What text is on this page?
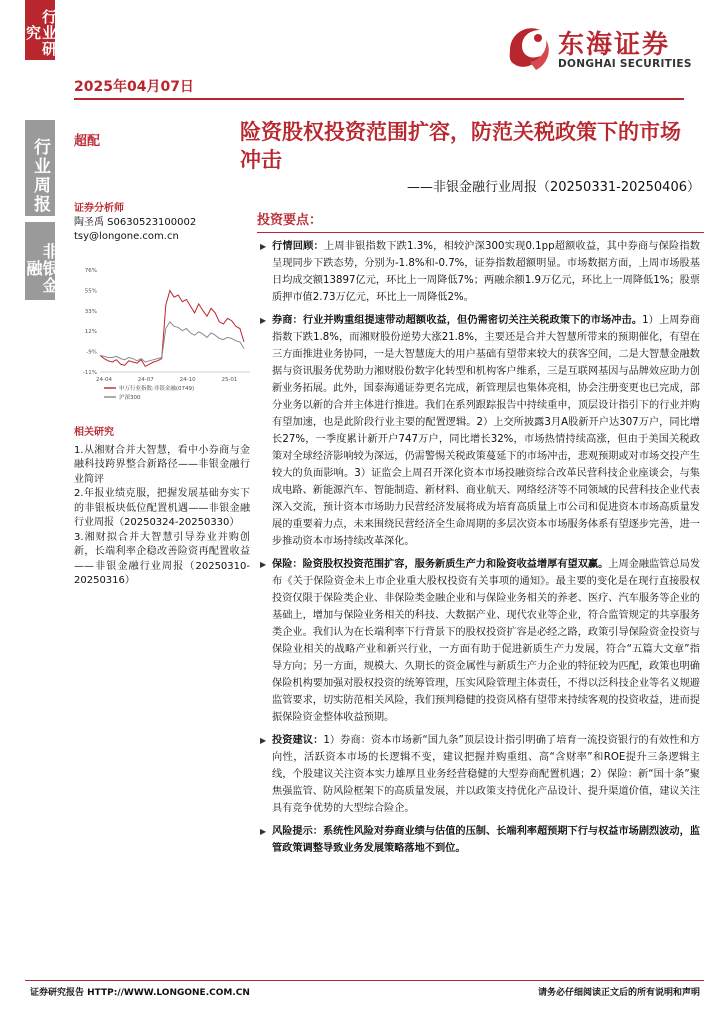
行业研究
行业周报
非银金融
2025年04月07日
东海证券
DONGHAI SECURITIES
超配	险资股权投资范围扩容，防范关税政策下的市场冲击
——非银金融行业周报（20250331-20250406）
证券分析师
陶圣禹 S0630523100002
tsy@longone.com.cn
76%
55%
33%
12%
-9%
-11%
24-04	24-07	24-10	25-01
申万行业指数:非银金融(0749)
沪深300
相关研究

1.从湘财合并大智慧，看中小券商与金融科技跨界整合新路径——非银金融行业简评

2.年报业绩克服，把握发展基础夯实下的非银板块低位配置机遇——非银金融行业周报（20250324-20250330）

3.湘财拟合并大智慧引导券业并购创新，长端利率企稳改善险资再配置收益——非银金融行业周报（20250310-20250316）

投资要点：
▶ 行情回顾：上周非银指数下跌1.3%，相较沪深300实现0.1pp超额收益，其中券商与保险指数呈现同步下跌态势，分别为-1.8%和-0.7%，证券指数超额明显。市场数据方面，上周市场股基日均成交额13897亿元，环比上一周降低7%；两融余额1.9万亿元，环比上一周降低1%；股票质押市值2.73万亿元，环比上一周降低2%。
▶ 券商：行业并购重组提速带动超额收益，但仍需密切关注关税政策下的市场冲击。1）上周券商指数下跌1.8%，而湘财股份逆势大涨21.8%，主要还是合并大智慧所带来的预期催化，有望在三方面推进业务协同，一是大智慧庞大的用户基础有望带来较大的获客空间，二是大智慧金融数据与资讯服务优势助力湘财股份数字化转型和机构客户维系，三是互联网基因与品牌效应助力创新业务拓展。此外，国泰海通证券更名完成，新管理层也集体亮相，协会注册变更也已完成，部分业务以新的合并主体进行推进。我们在系列跟踪报告中持续重申，顶层设计指引下的行业并购有望加速，也是此阶段行业主要的配置逻辑。2）上交所披露3月A股新开户达307万户，同比增长27%，一季度累计新开户747万户，同比增长32%，市场热情持续高涨，但由于美国关税政策对全球经济影响较为深远，仍需警惕关税政策蔓延下的市场冲击，悲观预期或对市场交投产生较大的负面影响。3）证监会上周召开深化资本市场投融资综合改革民营科技企业座谈会，与集成电路、新能源汽车、智能制造、新材料、商业航天、网络经济等不同领域的民营科技企业代表深入交流，预计资本市场助力民营经济发展将成为培育高质量上市公司和促进资本市场高质量发展的重要着力点，未来围绕民营经济全生命周期的多层次资本市场服务体系有望逐步完善，进一步推动资本市场持续改革深化。
▶ 保险：险资股权投资范围扩容，服务新质生产力和险资收益增厚有望双赢。上周金融监管总局发布《关于保险资金未上市企业重大股权投资有关事项的通知》。最主要的变化是在现行直接股权投资仅限于保险类企业、非保险类金融企业和与保险业务相关的养老、医疗、汽车服务等企业的基础上，增加与保险业务相关的科技、大数据产业、现代农业等企业，符合监管规定的共享服务类企业。我们认为在长端利率下行背景下的股权投资扩容是必经之路，政策引导保险资金投资与保险业相关的战略产业和新兴行业，一方面有助于促进新质生产力发展，符合“五篇大文章”指导方向；另一方面，规模大、久期长的资金属性与新质生产力企业的特征较为匹配，政策也明确保险机构要加强对股权投资的统筹管理，压实风险管理主体责任，不得以泛科技企业等名义规避监管要求，切实防范相关风险，我们预判稳健的投资风格有望带来持续客观的投资收益，进而提振保险资金整体收益预期。
▶ 投资建议：1）券商：资本市场新“国九条”顶层设计指引明确了培育一流投资银行的有效性和方向性，活跃资本市场的长逻辑不变，建议把握并购重组、高“含财率”和ROE提升三条逻辑主线，个股建议关注资本实力雄厚且业务经营稳健的大型券商配置机遇；2）保险：新“国十条”聚焦强监管、防风险框架下的高质量发展，并以政策支持优化产品设计、提升渠道价值，建议关注具有竞争优势的大型综合险企。
▶ 风险提示：系统性风险对券商业绩与估值的压制、长端利率超预期下行与权益市场剧烈波动，监管政策调整导致业务发展策略落地不到位。
证券研究报告 HTTP://WWW.LONGONE.COM.CN	请务必仔细阅读正文后的所有说明和声明
